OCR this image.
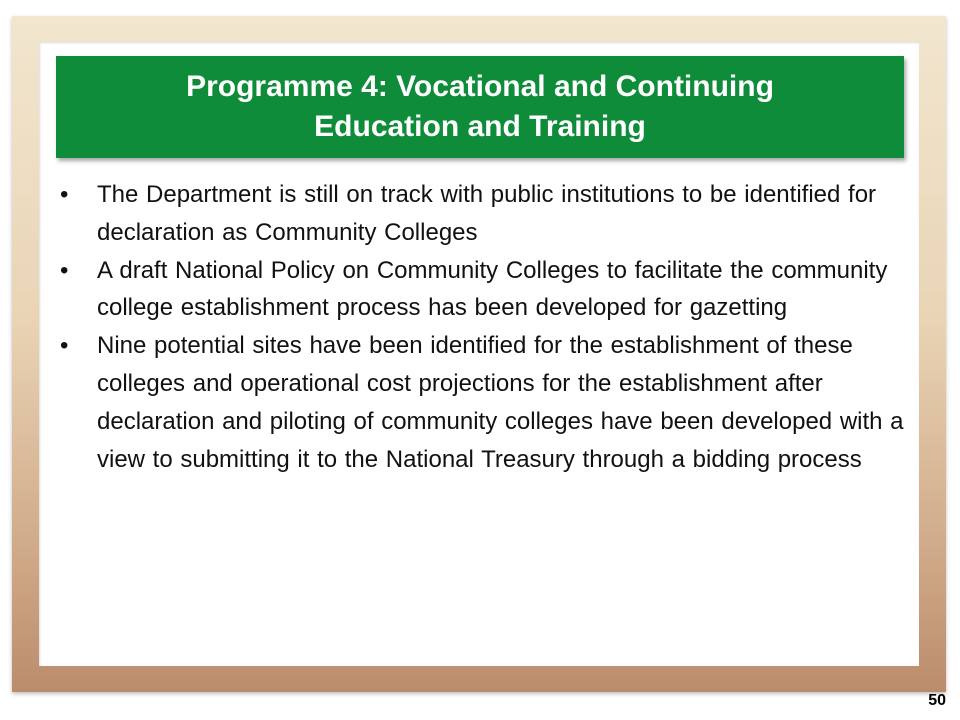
Programme 4: Vocational and Continuing
Education and Training
• The Department is still on track with public institutions to be identified for declaration as Community Colleges
• A draft National Policy on Community Colleges to facilitate the community college establishment process has been developed for gazetting
• Nine potential sites have been identified for the establishment of these colleges and operational cost projections for the establishment after declaration and piloting of community colleges have been developed with a view to submitting it to the National Treasury through a bidding process
50
